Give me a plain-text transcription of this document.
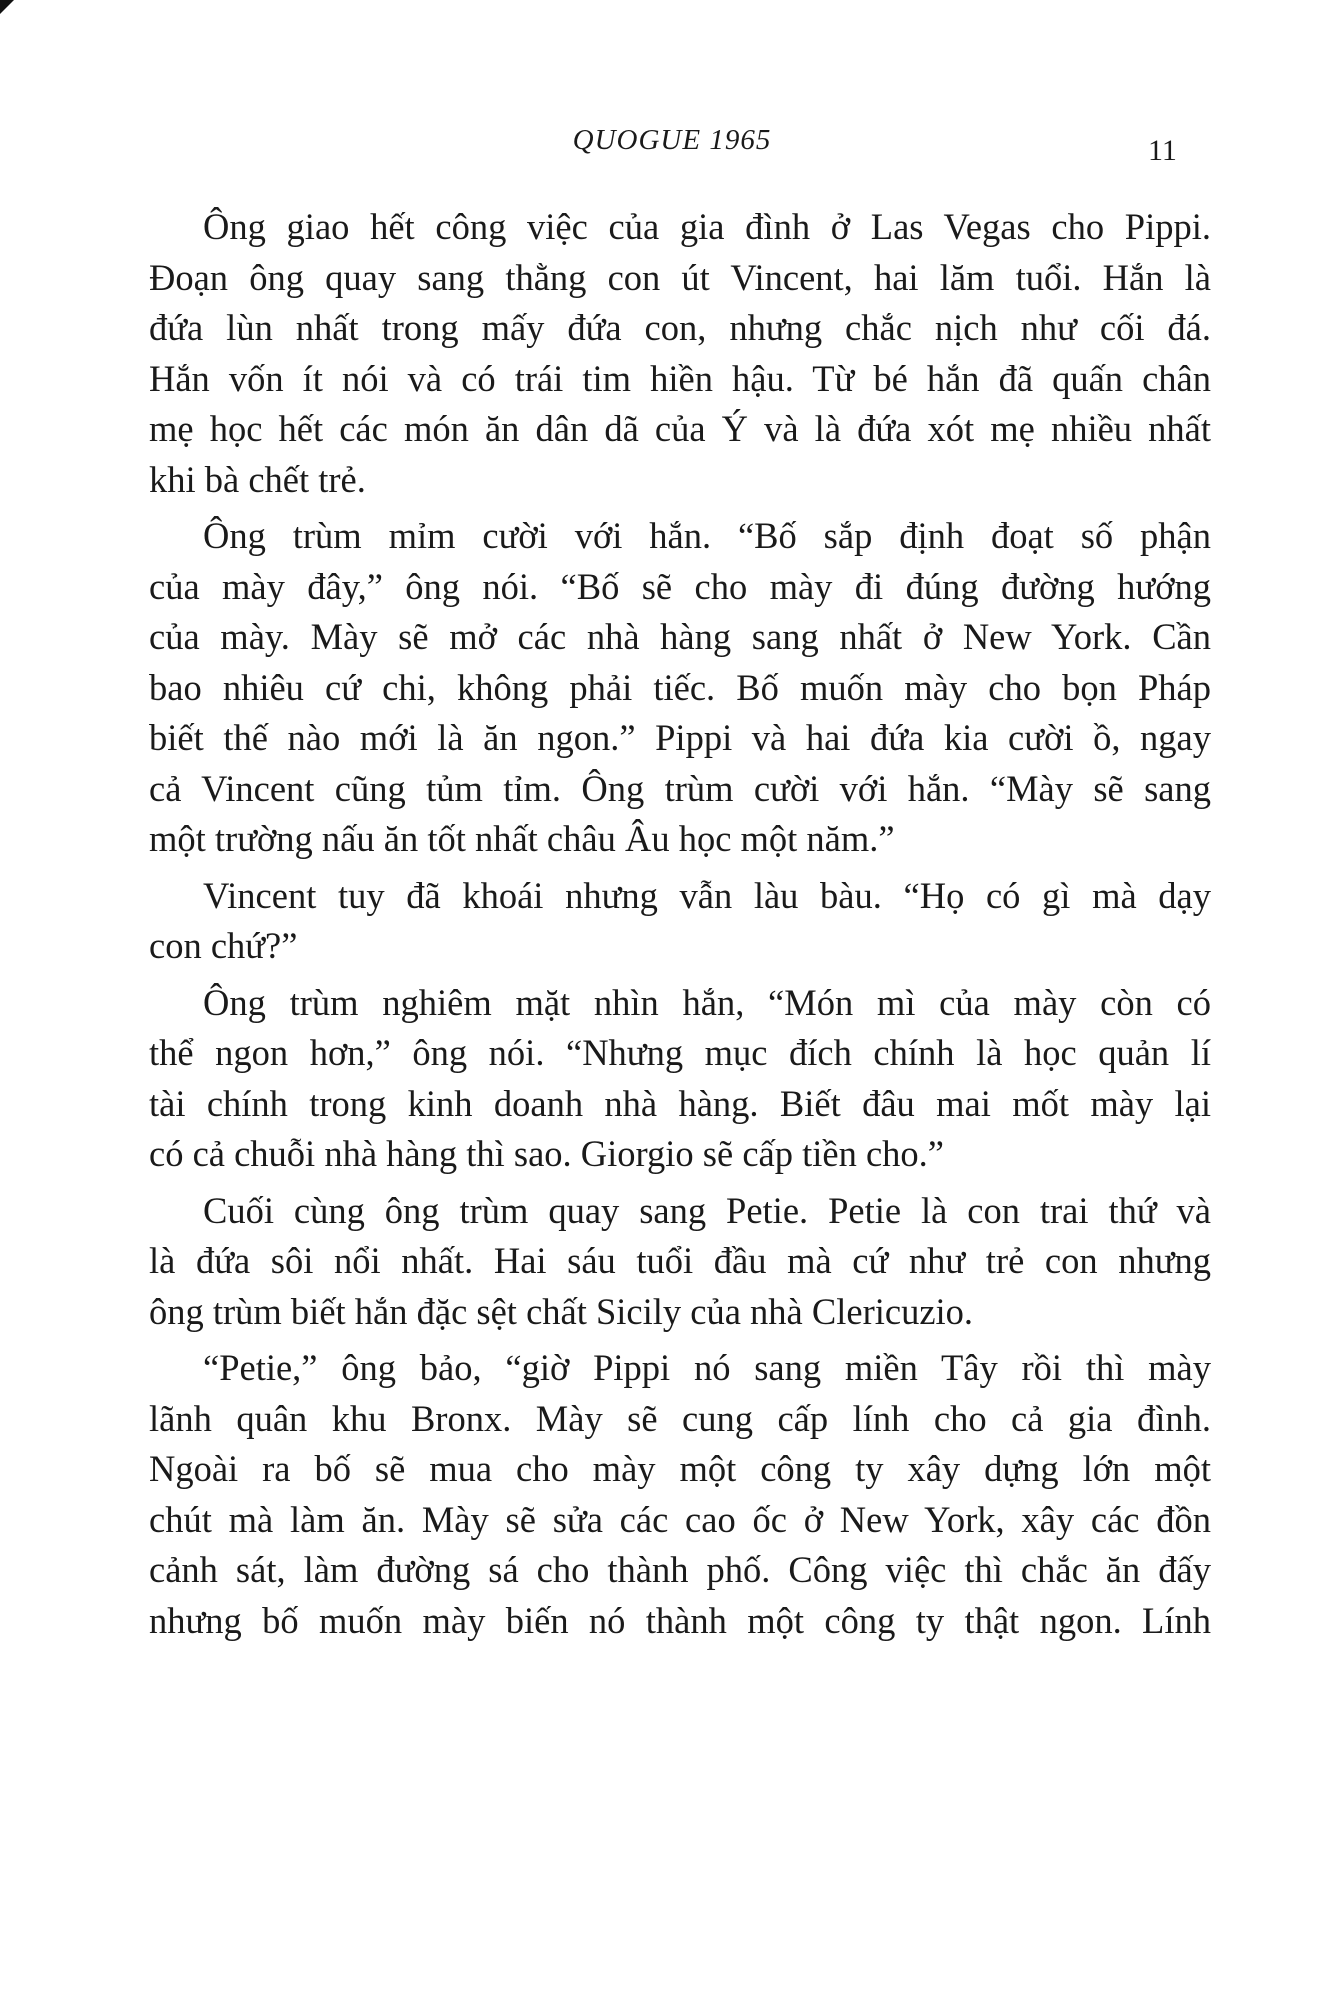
QUOGUE 1965	11
Ông giao hết công việc của gia đình ở Las Vegas cho Pippi.
Đoạn ông quay sang thằng con út Vincent, hai lăm tuổi. Hắn là
đứa lùn nhất trong mấy đứa con, nhưng chắc nịch như cối đá.
Hắn vốn ít nói và có trái tim hiền hậu. Từ bé hắn đã quấn chân
mẹ học hết các món ăn dân dã của Ý và là đứa xót mẹ nhiều nhất
khi bà chết trẻ.
Ông trùm mỉm cười với hắn. “Bố sắp định đoạt số phận
của mày đây,” ông nói. “Bố sẽ cho mày đi đúng đường hướng
của mày. Mày sẽ mở các nhà hàng sang nhất ở New York. Cần
bao nhiêu cứ chi, không phải tiếc. Bố muốn mày cho bọn Pháp
biết thế nào mới là ăn ngon.” Pippi và hai đứa kia cười ồ, ngay
cả Vincent cũng tủm tỉm. Ông trùm cười với hắn. “Mày sẽ sang
một trường nấu ăn tốt nhất châu Âu học một năm.”
Vincent tuy đã khoái nhưng vẫn làu bàu. “Họ có gì mà dạy
con chứ?”
Ông trùm nghiêm mặt nhìn hắn, “Món mì của mày còn có
thể ngon hơn,” ông nói. “Nhưng mục đích chính là học quản lí
tài chính trong kinh doanh nhà hàng. Biết đâu mai mốt mày lại
có cả chuỗi nhà hàng thì sao. Giorgio sẽ cấp tiền cho.”
Cuối cùng ông trùm quay sang Petie. Petie là con trai thứ và
là đứa sôi nổi nhất. Hai sáu tuổi đầu mà cứ như trẻ con nhưng
ông trùm biết hắn đặc sệt chất Sicily của nhà Clericuzio.
“Petie,” ông bảo, “giờ Pippi nó sang miền Tây rồi thì mày
lãnh quân khu Bronx. Mày sẽ cung cấp lính cho cả gia đình.
Ngoài ra bố sẽ mua cho mày một công ty xây dựng lớn một
chút mà làm ăn. Mày sẽ sửa các cao ốc ở New York, xây các đồn
cảnh sát, làm đường sá cho thành phố. Công việc thì chắc ăn đấy
nhưng bố muốn mày biến nó thành một công ty thật ngon. Lính
